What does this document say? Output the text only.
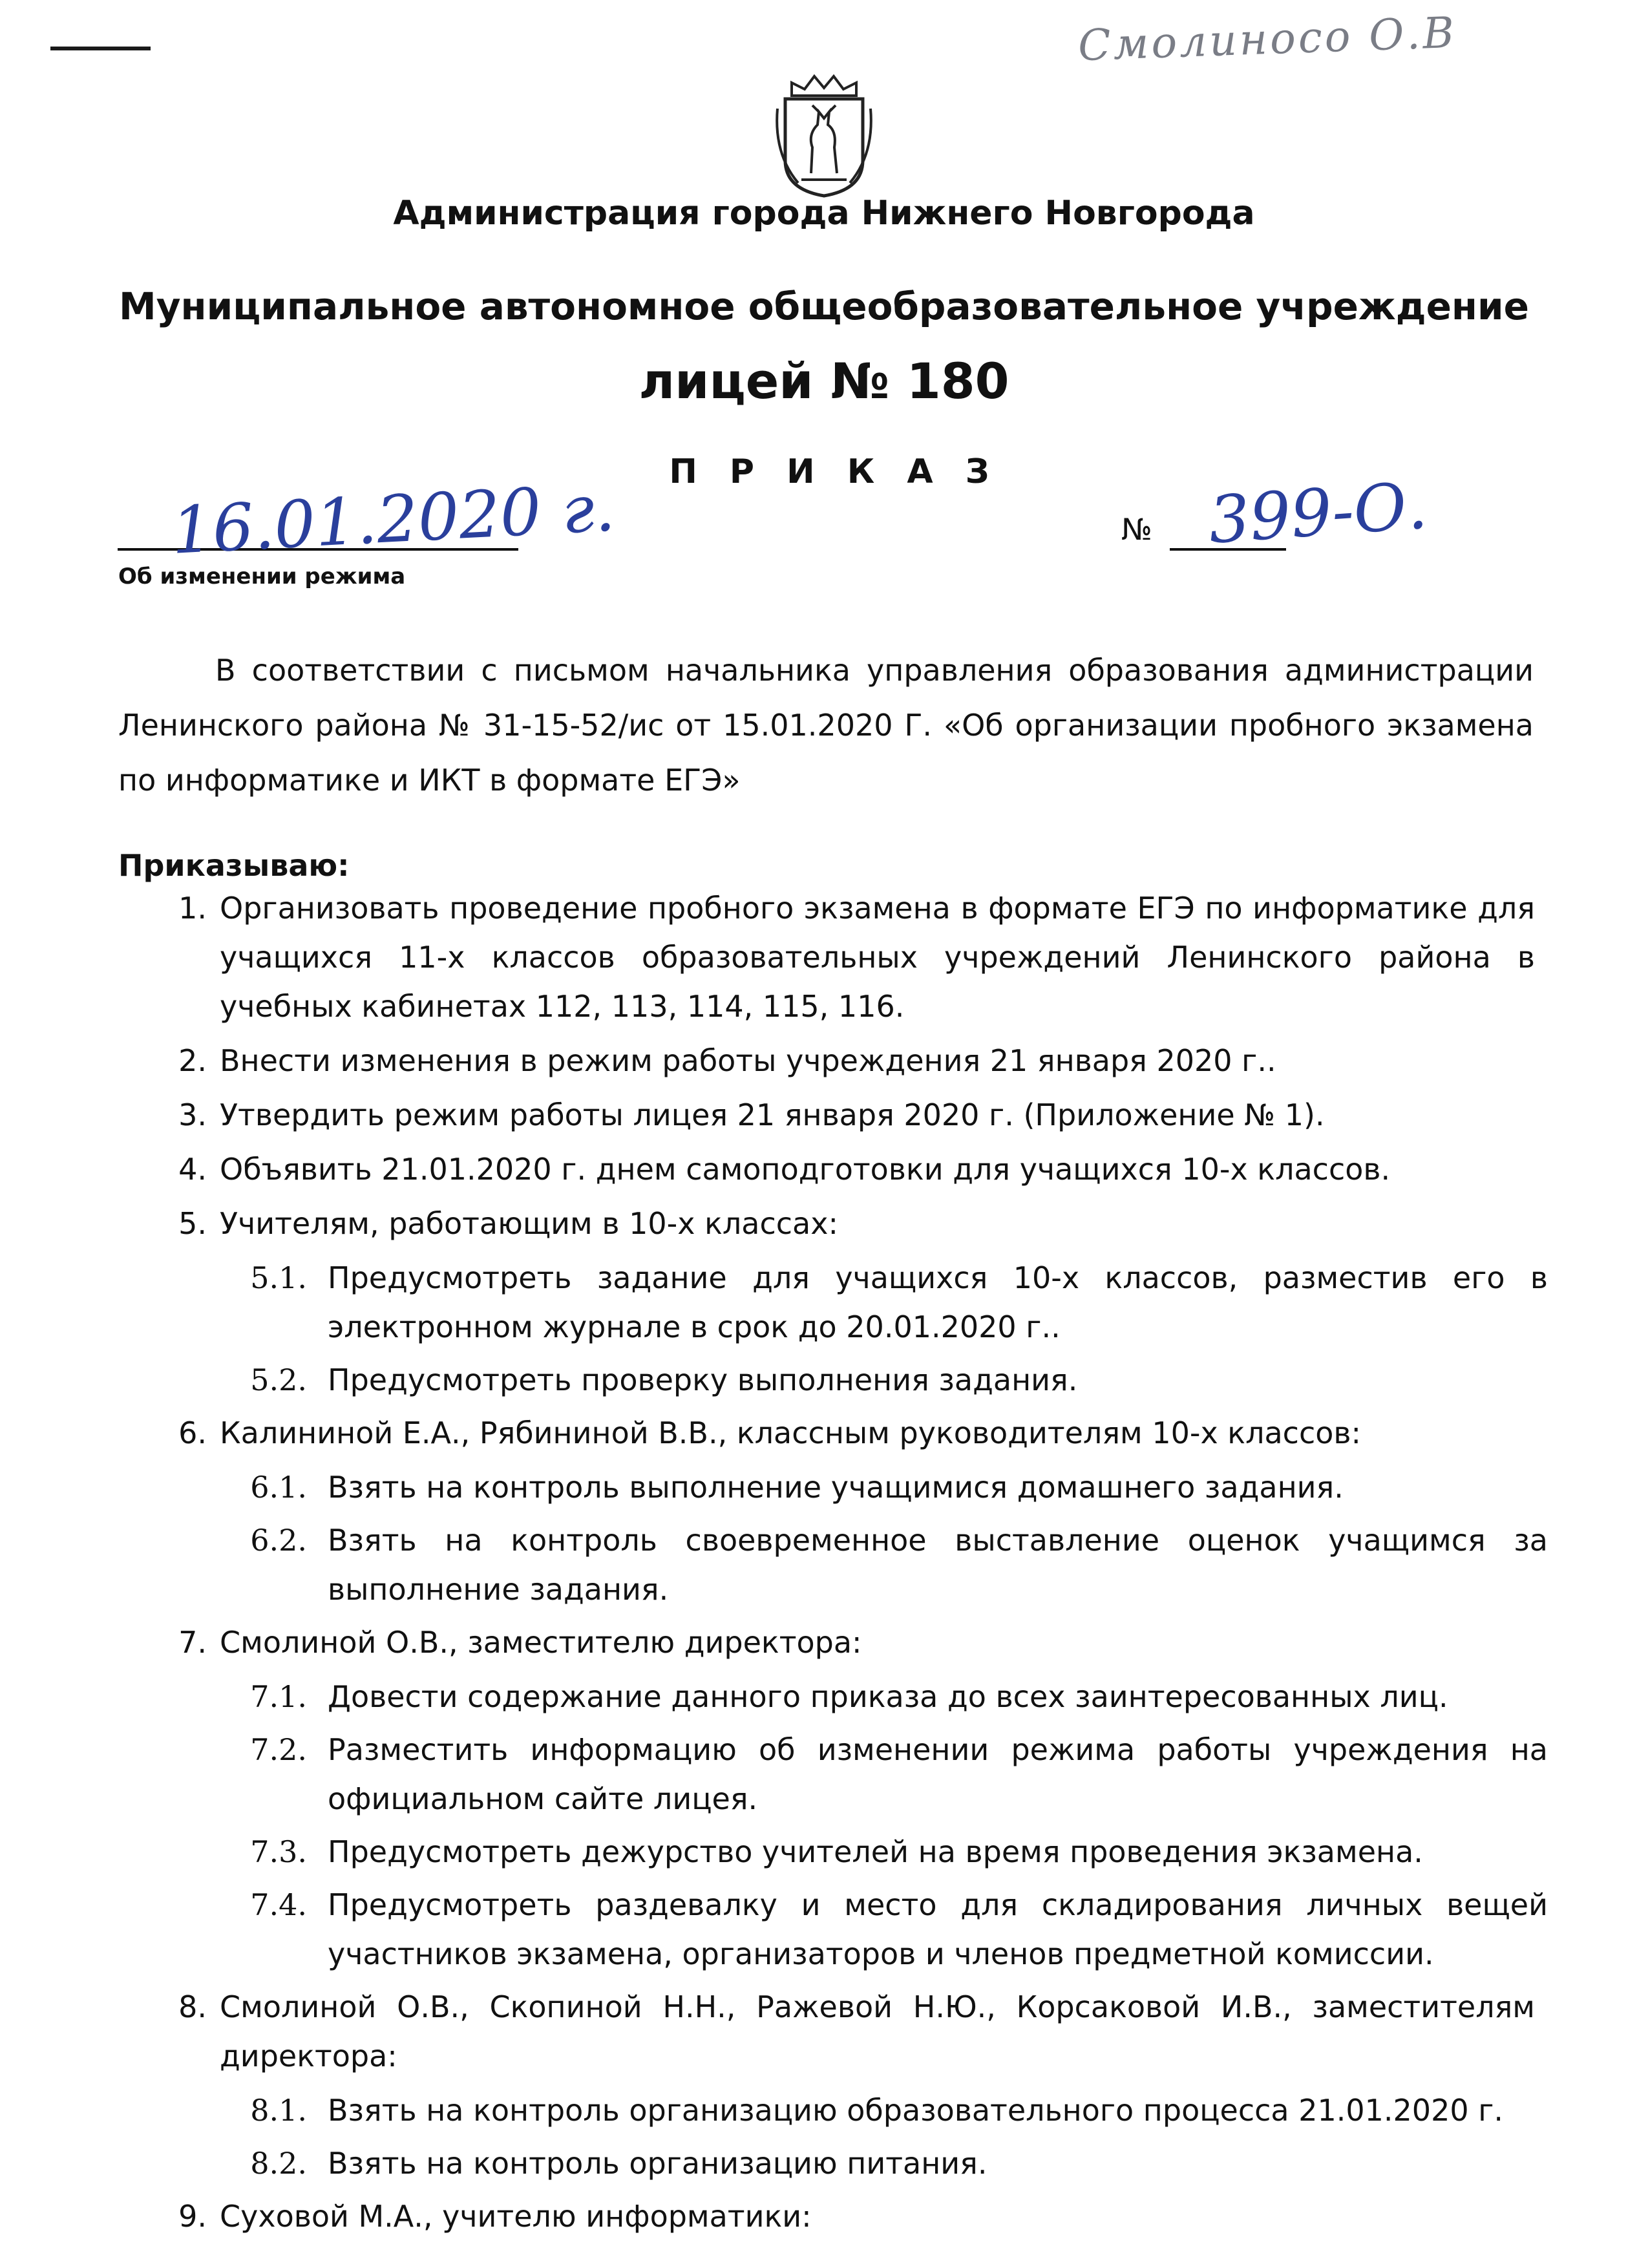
Смолиносо О.В
Администрация города Нижнего Новгорода
Муниципальное автономное общеобразовательное учреждение
лицей № 180
П Р И К А З
16.01.2020 г.	№ 399-О.
Об изменении режима
В соответствии с письмом начальника управления образования администрации Ленинского района № 31-15-52/ис от 15.01.2020 Г. «Об организации пробного экзамена по информатике и ИКТ в формате ЕГЭ»
Приказываю:
1. Организовать проведение пробного экзамена в формате ЕГЭ по информатике для учащихся 11-х классов образовательных учреждений Ленинского района в учебных кабинетах 112, 113, 114, 115, 116.
2. Внести изменения в режим работы учреждения 21 января 2020 г..
3. Утвердить режим работы лицея 21 января 2020 г. (Приложение № 1).
4. Объявить 21.01.2020 г. днем самоподготовки для учащихся 10-х классов.
5. Учителям, работающим в 10-х классах:
5.1. Предусмотреть задание для учащихся 10-х классов, разместив его в электронном журнале в срок до 20.01.2020 г..
5.2. Предусмотреть проверку выполнения задания.
6. Калининой Е.А., Рябининой В.В., классным руководителям 10-х классов:
6.1. Взять на контроль выполнение учащимися домашнего задания.
6.2. Взять на контроль своевременное выставление оценок учащимся за выполнение задания.
7. Смолиной О.В., заместителю директора:
7.1. Довести содержание данного приказа до всех заинтересованных лиц.
7.2. Разместить информацию об изменении режима работы учреждения на официальном сайте лицея.
7.3. Предусмотреть дежурство учителей на время проведения экзамена.
7.4. Предусмотреть раздевалку и место для складирования личных вещей участников экзамена, организаторов и членов предметной комиссии.
8. Смолиной О.В., Скопиной Н.Н., Ражевой Н.Ю., Корсаковой И.В., заместителям директора:
8.1. Взять на контроль организацию образовательного процесса 21.01.2020 г.
8.2. Взять на контроль организацию питания.
9. Суховой М.А., учителю информатики:
